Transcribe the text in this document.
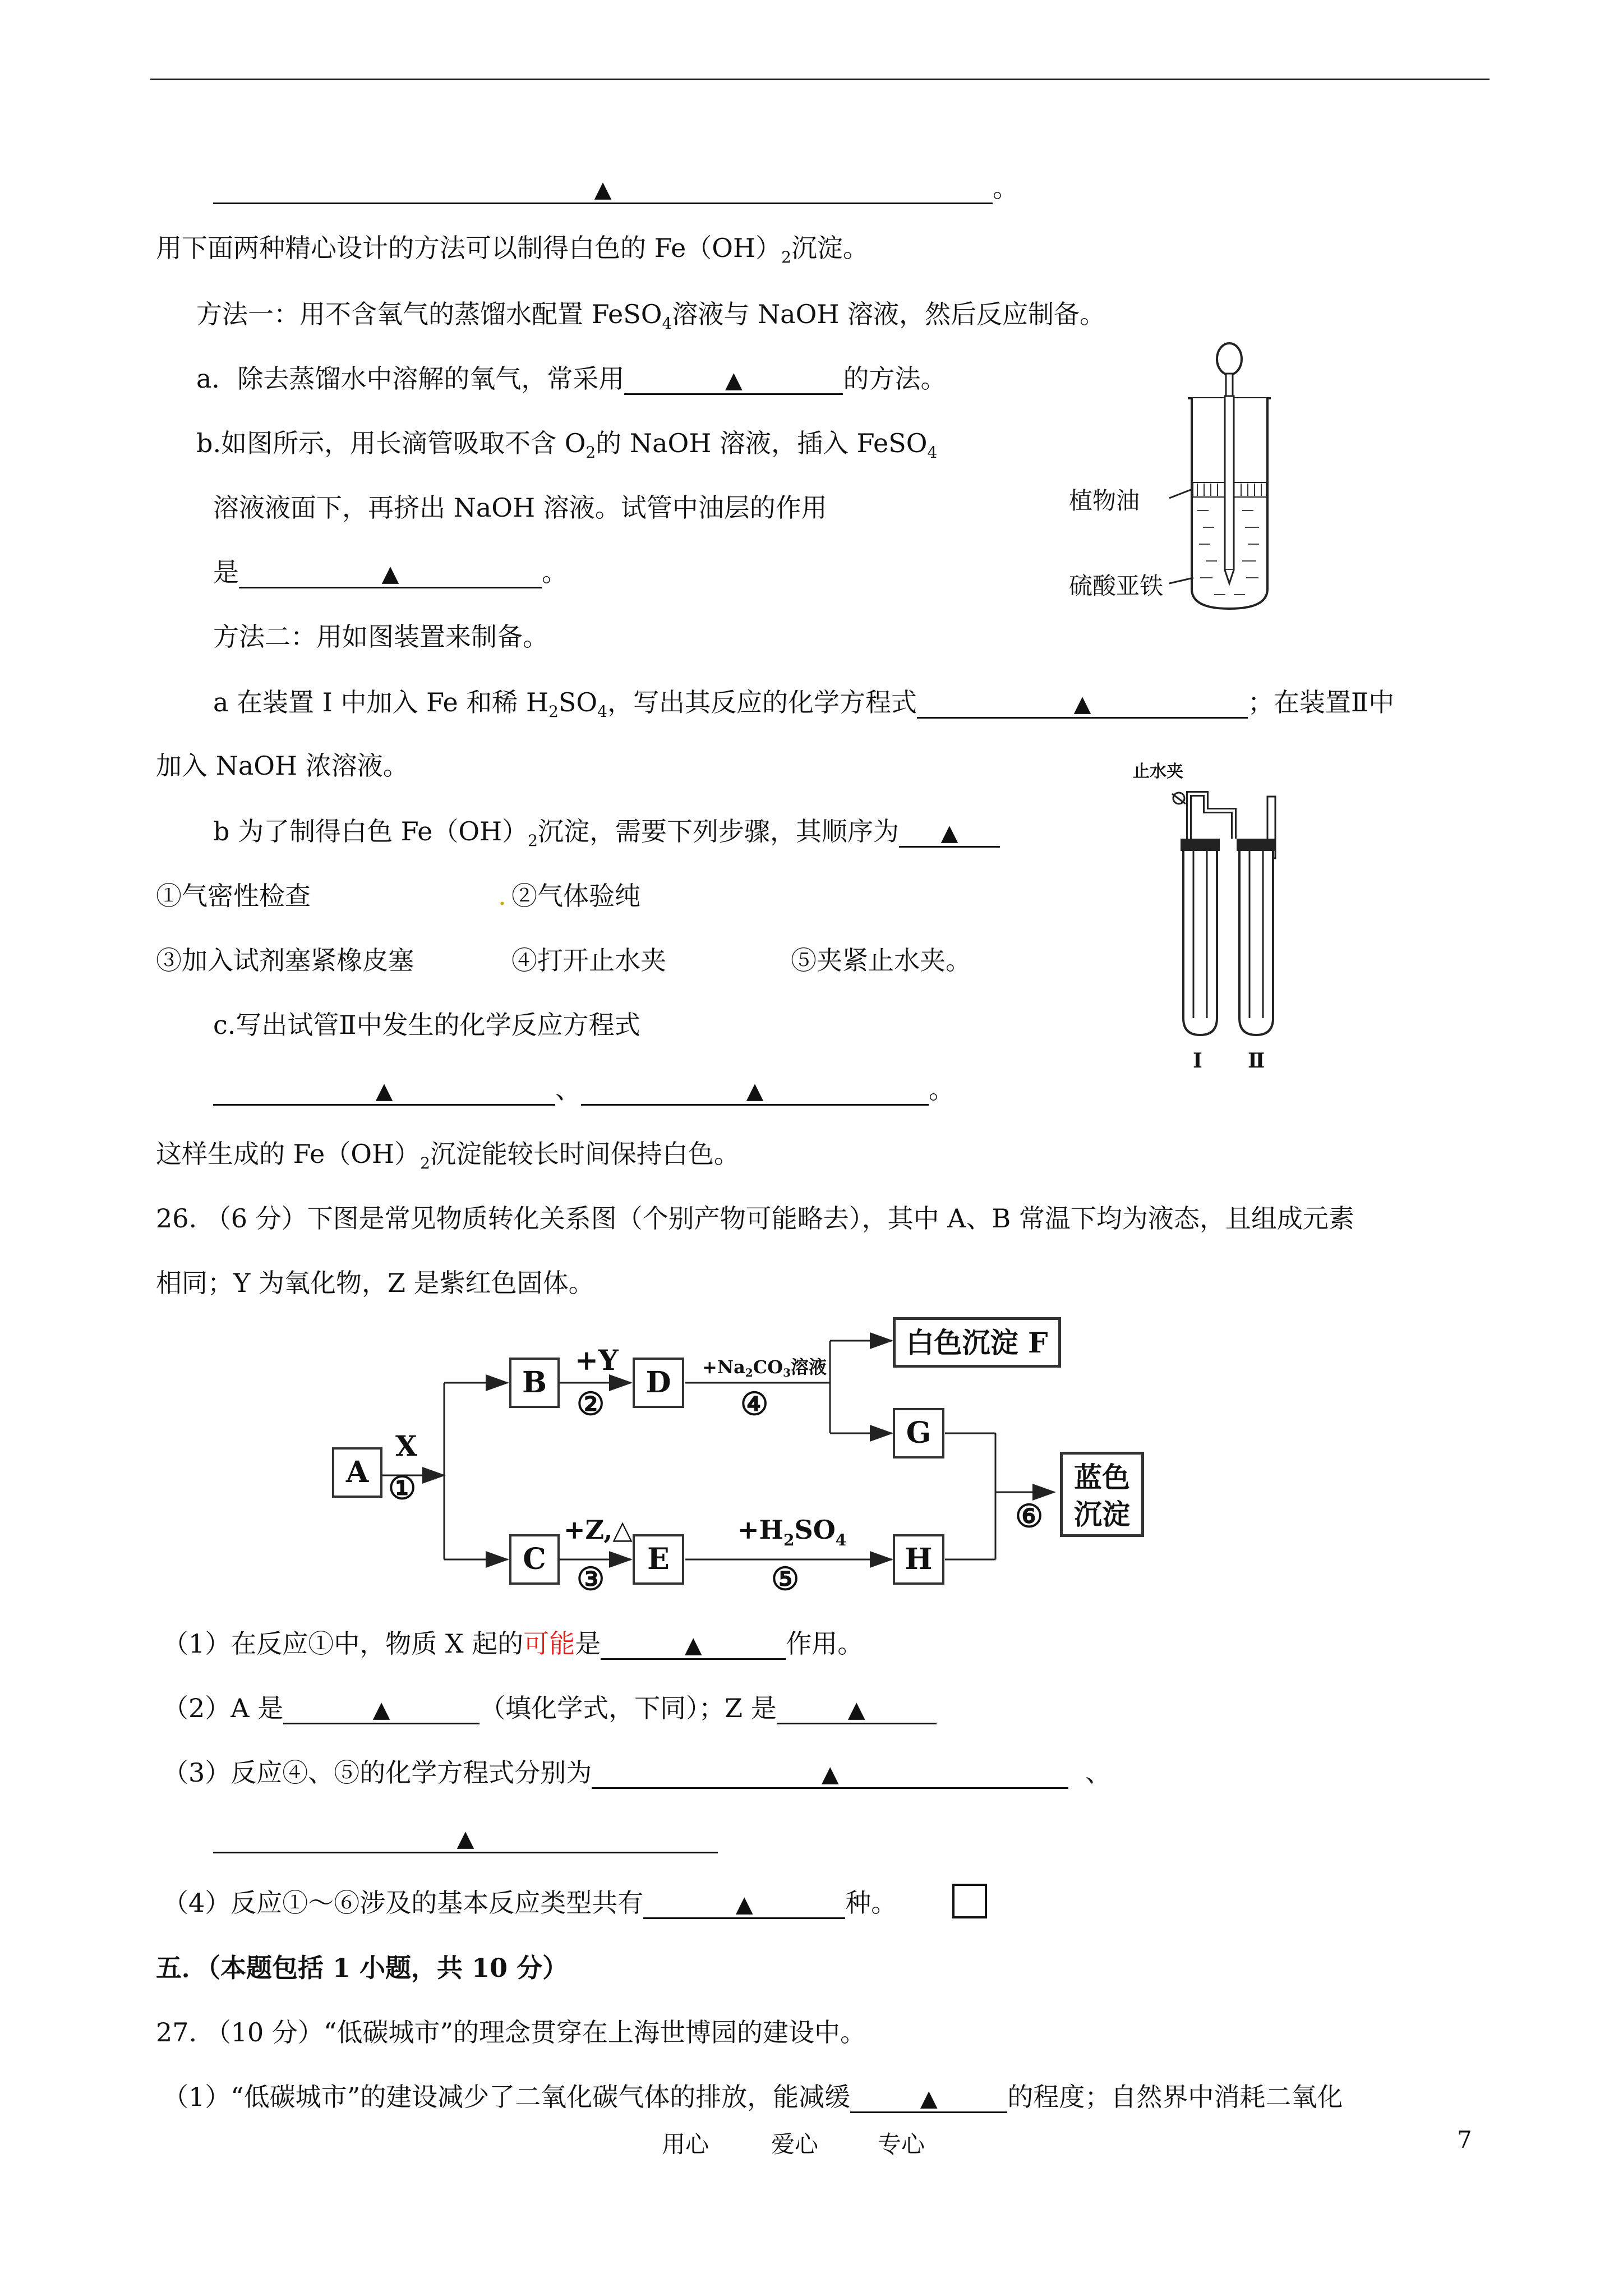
▲	。
用下面两种精心设计的方法可以制得白色的 $Fe(OH)_2$沉淀。
方法一：用不含氧气的蒸馏水配置 FeSO$_4$溶液与 NaOH 溶液，然后反应制备。
a．除去蒸馏水中溶解的氧气，常采用	▲	的方法。
b.如图所示，用长滴管吸取不含 $O_2$的 NaOH 溶液，插入 FeSO$_4$
溶液液面下，再挤出 NaOH 溶液。试管中油层的作用
是	▲	。
方法二：用如图装置来制备。
a 在装置 Ⅰ 中加入 Fe 和稀 $H_2SO_4$，写出其反应的化学方程式	▲	；在装置Ⅱ中
加入 NaOH 浓溶液。
b 为了制得白色 $Fe(OH)_2$沉淀，需要下列步骤，其顺序为 ▲
①气密性检查	. ②气体验纯
③加入试剂塞紧橡皮塞	④打开止水夹	⑤夹紧止水夹。
c.写出试管Ⅱ中发生的化学反应方程式
▲	、	▲	。
这样生成的 $Fe(OH)_2$沉淀能较长时间保持白色。
26. （6 分）下图是常见物质转化关系图（个别产物可能略去），其中 A、B 常温下均为液态，且组成元素
相同；Y 为氧化物，Z 是紫红色固体。
植物油
硫酸亚铁
止水夹
Ⅰ Ⅱ
A
B
C
D
E
G
H
白色沉淀 F
蓝色
沉淀
X
①
+Y
②
$+Na_2CO_3$溶液
④
+Z,△
③
$+H_2SO_4$
⑤
⑥
（1）在反应①中，物质 X 起的可能是	▲	作用。
（2）A 是	▲	（填化学式，下同）；Z 是	▲
（3）反应④、⑤的化学方程式分别为	▲	、
▲
（4）反应①～⑥涉及的基本反应类型共有	▲	种。
五．（本题包括 1 小题，共 10 分）
27. （10 分）“低碳城市”的理念贯穿在上海世博园的建设中。
（1）“低碳城市”的建设减少了二氧化碳气体的排放，能减缓	▲	的程度；自然界中消耗二氧化
用心	爱心	专心	7
